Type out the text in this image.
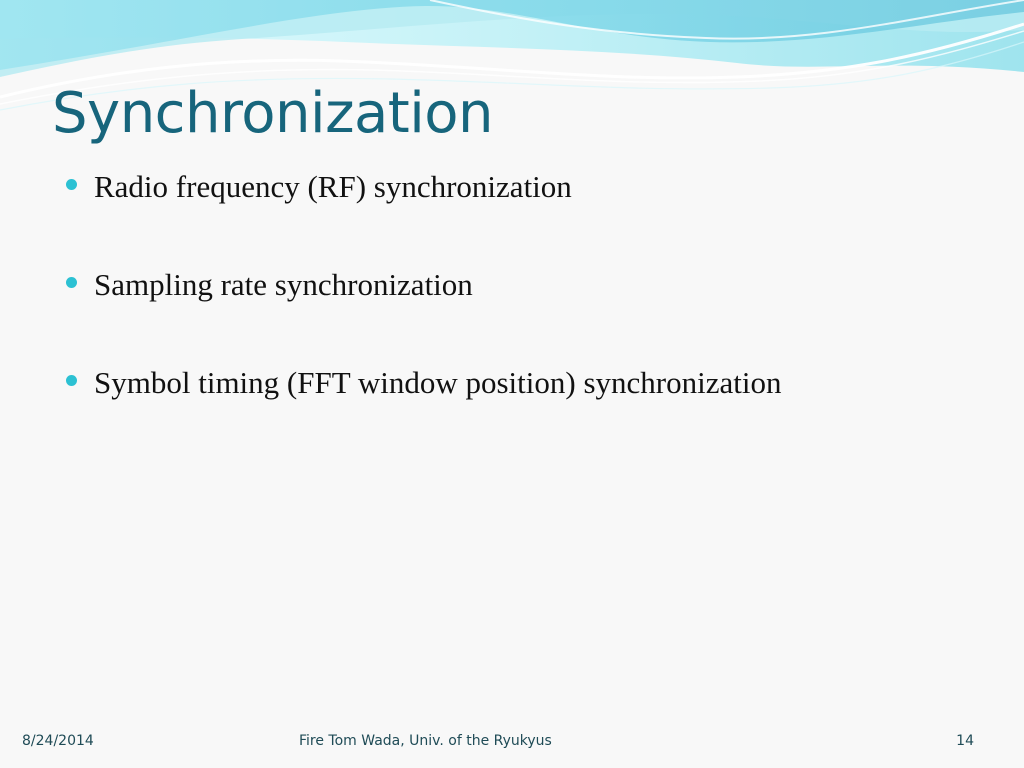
Synchronization
Radio frequency (RF) synchronization
Sampling rate synchronization
Symbol timing (FFT window position) synchronization
8/24/2014	Fire Tom Wada, Univ. of the Ryukyus	14
